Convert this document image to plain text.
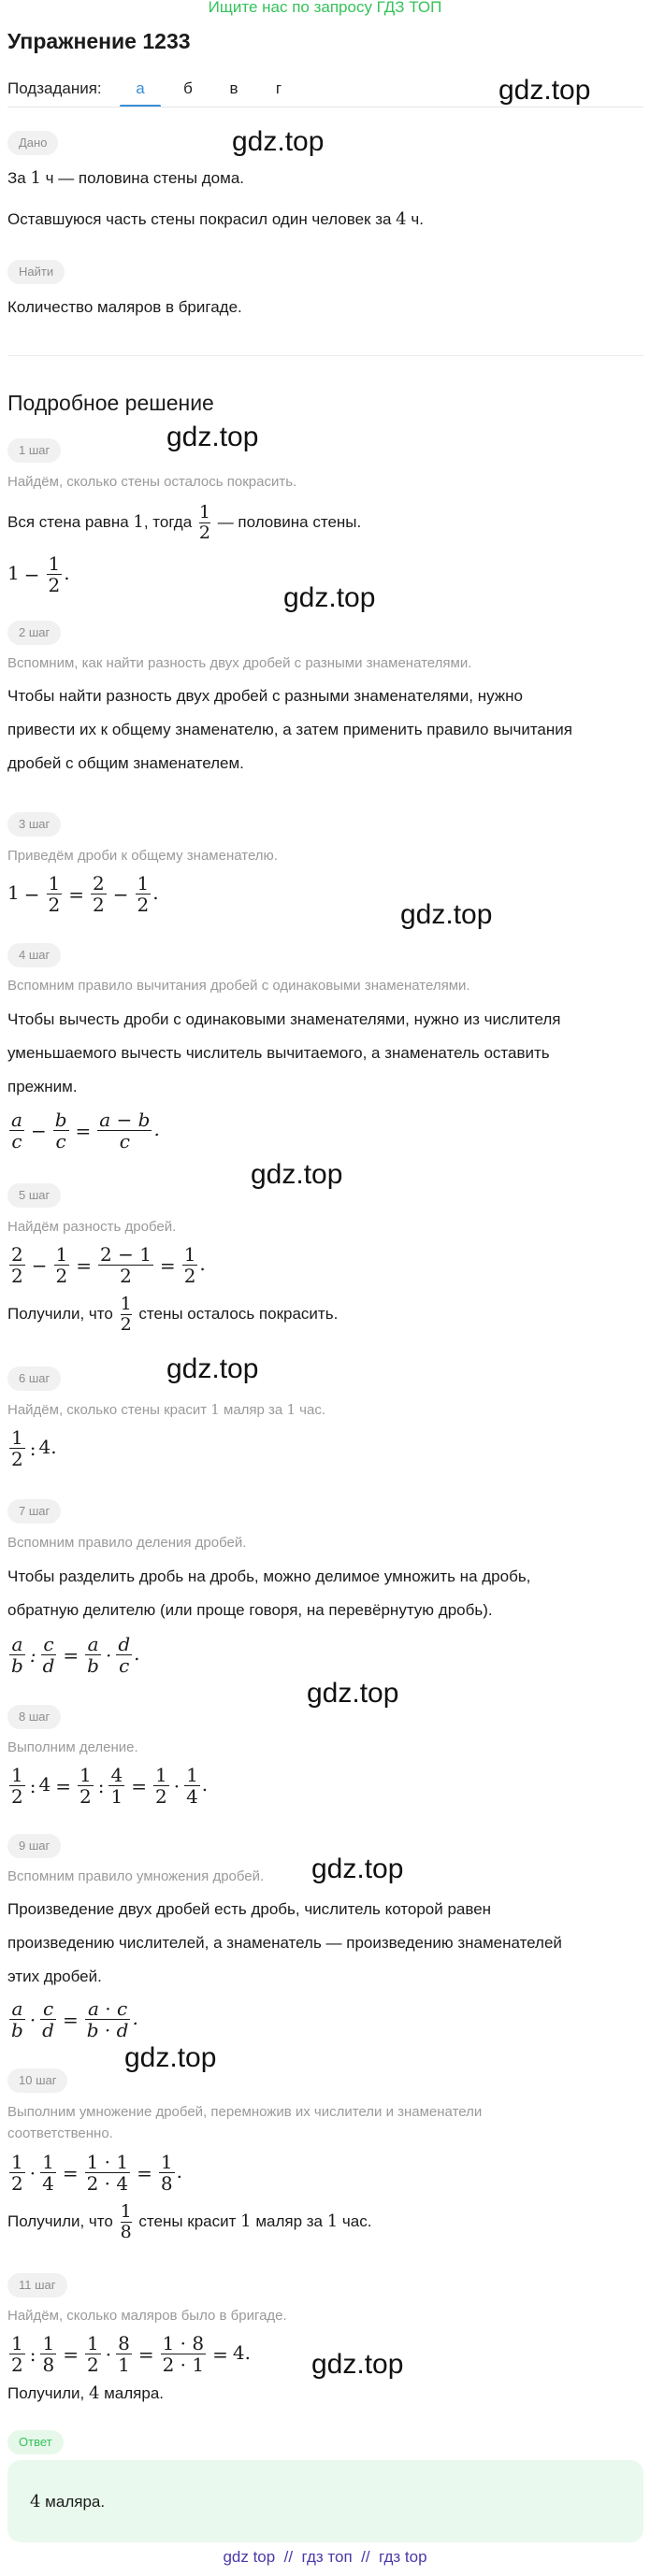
Ищите нас по запросу ГДЗ ТОП
Упражнение 1233
Подзадания:	а	б	в	г	gdz.top
gdz.top
gdz.top
gdz.top
gdz.top
gdz.top
gdz.top
gdz.top
gdz.top
gdz.top
gdz.top
Дано
За 1 ч — половина стены дома.
Оставшуюся часть стены покрасил один человек за 4 ч.
Найти
Количество маляров в бригаде.
Подробное решение
1 шаг
Найдём, сколько стены осталось покрасить.
Вся стена равна 1, тогда $\frac{1}{2}$ — половина стены.
$1 - \frac{1}{2}$ .
2 шаг
Вспомним, как найти разность двух дробей с разными знаменателями.
Чтобы найти разность двух дробей с разными знаменателями, нужно
привести их к общему знаменателю, а затем применить правило вычитания
дробей с общим знаменателем.
3 шаг
Приведём дроби к общему знаменателю.
$1 - \frac{1}{2} = \frac{2}{2} - \frac{1}{2}$ .
4 шаг
Вспомним правило вычитания дробей с одинаковыми знаменателями.
Чтобы вычесть дроби с одинаковыми знаменателями, нужно из числителя
уменьшаемого вычесть числитель вычитаемого, а знаменатель оставить
прежним.
$\frac{a}{c} - \frac{b}{c} = \frac{a - b}{c}$ .
5 шаг
Найдём разность дробей.
$\frac{2}{2} - \frac{1}{2} = \frac{2 - 1}{2} = \frac{1}{2}$ .
Получили, что $\frac{1}{2}$ стены осталось покрасить.
6 шаг
Найдём, сколько стены красит 1 маляр за 1 час.
$\frac{1}{2}$ : 4.
7 шаг
Вспомним правило деления дробей.
Чтобы разделить дробь на дробь, можно делимое умножить на дробь,
обратную делителю (или проще говоря, на перевёрнутую дробь).
$\frac{a}{b}$ : $\frac{c}{d} = \frac{a}{b} \cdot \frac{d}{c}$ .
8 шаг
Выполним деление.
$\frac{1}{2}$ : $4 = \frac{1}{2}$ : $\frac{4}{1} = \frac{1}{2} \cdot \frac{1}{4}$ .
9 шаг
Вспомним правило умножения дробей.
Произведение двух дробей есть дробь, числитель которой равен
произведению числителей, а знаменатель — произведению знаменателей
этих дробей.
$\frac{a}{b} \cdot \frac{c}{d} = \frac{a \cdot c}{b \cdot d}$ .
10 шаг
Выполним умножение дробей, перемножив их числители и знаменатели
соответственно.
$\frac{1}{2} \cdot \frac{1}{4} = \frac{1 \cdot 1}{2 \cdot 4} = \frac{1}{8}$ .
Получили, что $\frac{1}{8}$ стены красит 1 маляр за 1 час.
11 шаг
Найдём, сколько маляров было в бригаде.
$\frac{1}{2}$ : $\frac{1}{8} = \frac{1}{2} \cdot \frac{8}{1} = \frac{1 \cdot 8}{2 \cdot 1} = 4$.
Получили, 4 маляра.
Ответ
4 маляра.
gdz top  //  гдз топ  //  гдз top
